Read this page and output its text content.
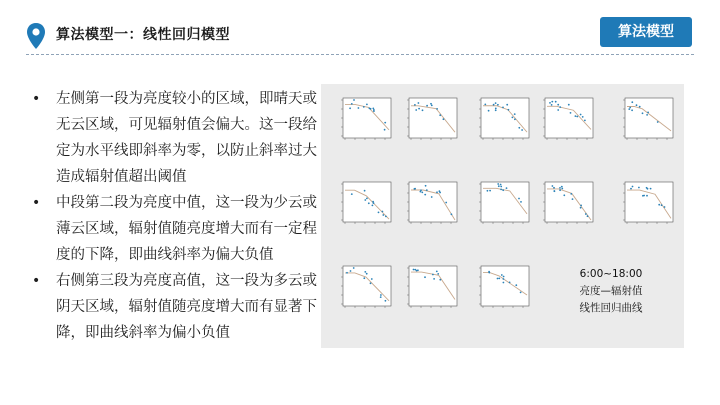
算法模型一：线性回归模型	算法模型
• 左侧第一段为亮度较小的区域，即晴天或无云区域，可见辐射值会偏大。这一段给定为水平线即斜率为零，以防止斜率过大造成辐射值超出阈值
• 中段第二段为亮度中值，这一段为少云或薄云区域，辐射值随亮度增大而有一定程度的下降，即曲线斜率为偏大负值
• 右侧第三段为亮度高值，这一段为多云或阴天区域，辐射值随亮度增大而有显著下降，即曲线斜率为偏小负值
6:00~18:00
亮度—辐射值
线性回归曲线
